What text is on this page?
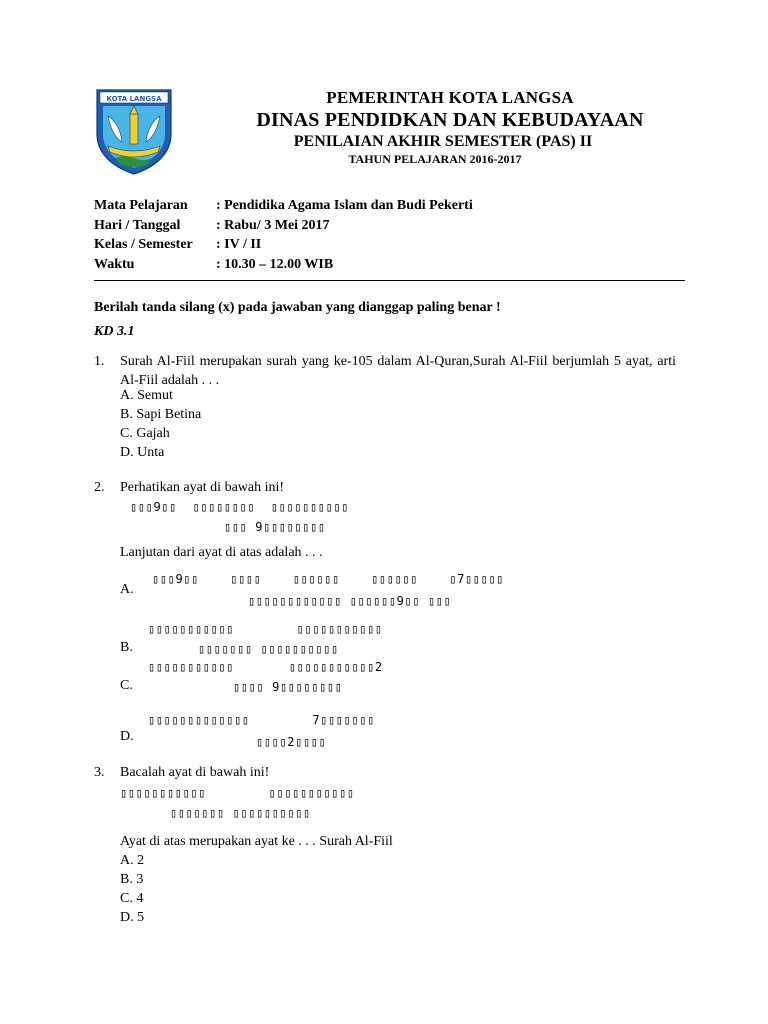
KOTA LANGSA	PEMERINTAH KOTA LANGSA
DINAS PENDIDKAN DAN KEBUDAYAAN
PENILAIAN AKHIR SEMESTER (PAS) II
TAHUN PELAJARAN 2016-2017
Mata Pelajaran	: Pendidika Agama Islam dan Budi Pekerti
Hari / Tanggal	: Rabu/ 3 Mei 2017
Kelas / Semester	: IV / II
Waktu	: 10.30 – 12.00 WIB
Berilah tanda silang (x) pada jawaban yang dianggap paling benar !
KD 3.1
1. Surah Al-Fiil merupakan surah yang ke-105 dalam Al-Quran,Surah Al-Fiil berjumlah 5 ayat, arti Al-Fiil adalah . . .
A. Semut
B. Sapi Betina
C. Gajah
D. Unta
2. Perhatikan ayat di bawah ini!
▯▯▯9▯▯  ▯▯▯▯▯▯▯▯  ▯▯▯▯▯▯▯▯▯▯
▯▯▯ 9▯▯▯▯▯▯▯▯
Lanjutan dari ayat di atas adalah . . .
A.
▯▯▯9▯▯    ▯▯▯▯    ▯▯▯▯▯▯    ▯▯▯▯▯▯    ▯7▯▯▯▯▯
▯▯▯▯▯▯▯▯▯▯▯▯ ▯▯▯▯▯▯9▯▯ ▯▯▯
B.
▯▯▯▯▯▯▯▯▯▯▯        ▯▯▯▯▯▯▯▯▯▯▯
▯▯▯▯▯▯▯ ▯▯▯▯▯▯▯▯▯▯
C.
▯▯▯▯▯▯▯▯▯▯▯       ▯▯▯▯▯▯▯▯▯▯▯2
▯▯▯▯ 9▯▯▯▯▯▯▯▯
D.
▯▯▯▯▯▯▯▯▯▯▯▯▯        7▯▯▯▯▯▯▯
▯▯▯▯2▯▯▯▯
3. Bacalah ayat di bawah ini!
▯▯▯▯▯▯▯▯▯▯▯        ▯▯▯▯▯▯▯▯▯▯▯
▯▯▯▯▯▯▯ ▯▯▯▯▯▯▯▯▯▯
Ayat di atas merupakan ayat ke . . . Surah Al-Fiil
A. 2
B. 3
C. 4
D. 5
